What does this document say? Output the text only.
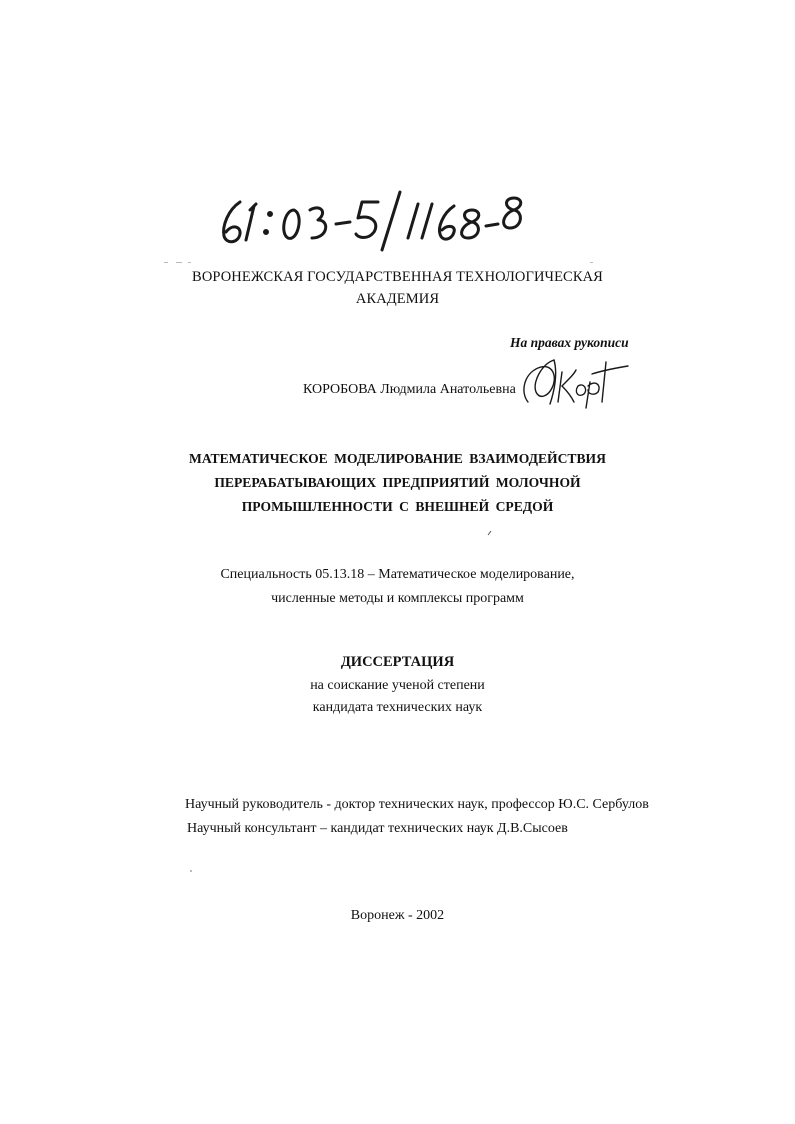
ВОРОНЕЖСКАЯ ГОСУДАРСТВЕННАЯ ТЕХНОЛОГИЧЕСКАЯ
АКАДЕМИЯ
На правах рукописи
КОРОБОВА Людмила Анатольевна
МАТЕМАТИЧЕСКОЕ МОДЕЛИРОВАНИЕ ВЗАИМОДЕЙСТВИЯ
ПЕРЕРАБАТЫВАЮЩИХ ПРЕДПРИЯТИЙ МОЛОЧНОЙ
ПРОМЫШЛЕННОСТИ С ВНЕШНЕЙ СРЕДОЙ
Специальность 05.13.18 – Математическое моделирование,
численные методы и комплексы программ
ДИССЕРТАЦИЯ
на соискание ученой степени
кандидата технических наук
Научный руководитель - доктор технических наук, профессор Ю.С. Сербулов
Научный консультант – кандидат технических наук Д.В.Сысоев
Воронеж - 2002
